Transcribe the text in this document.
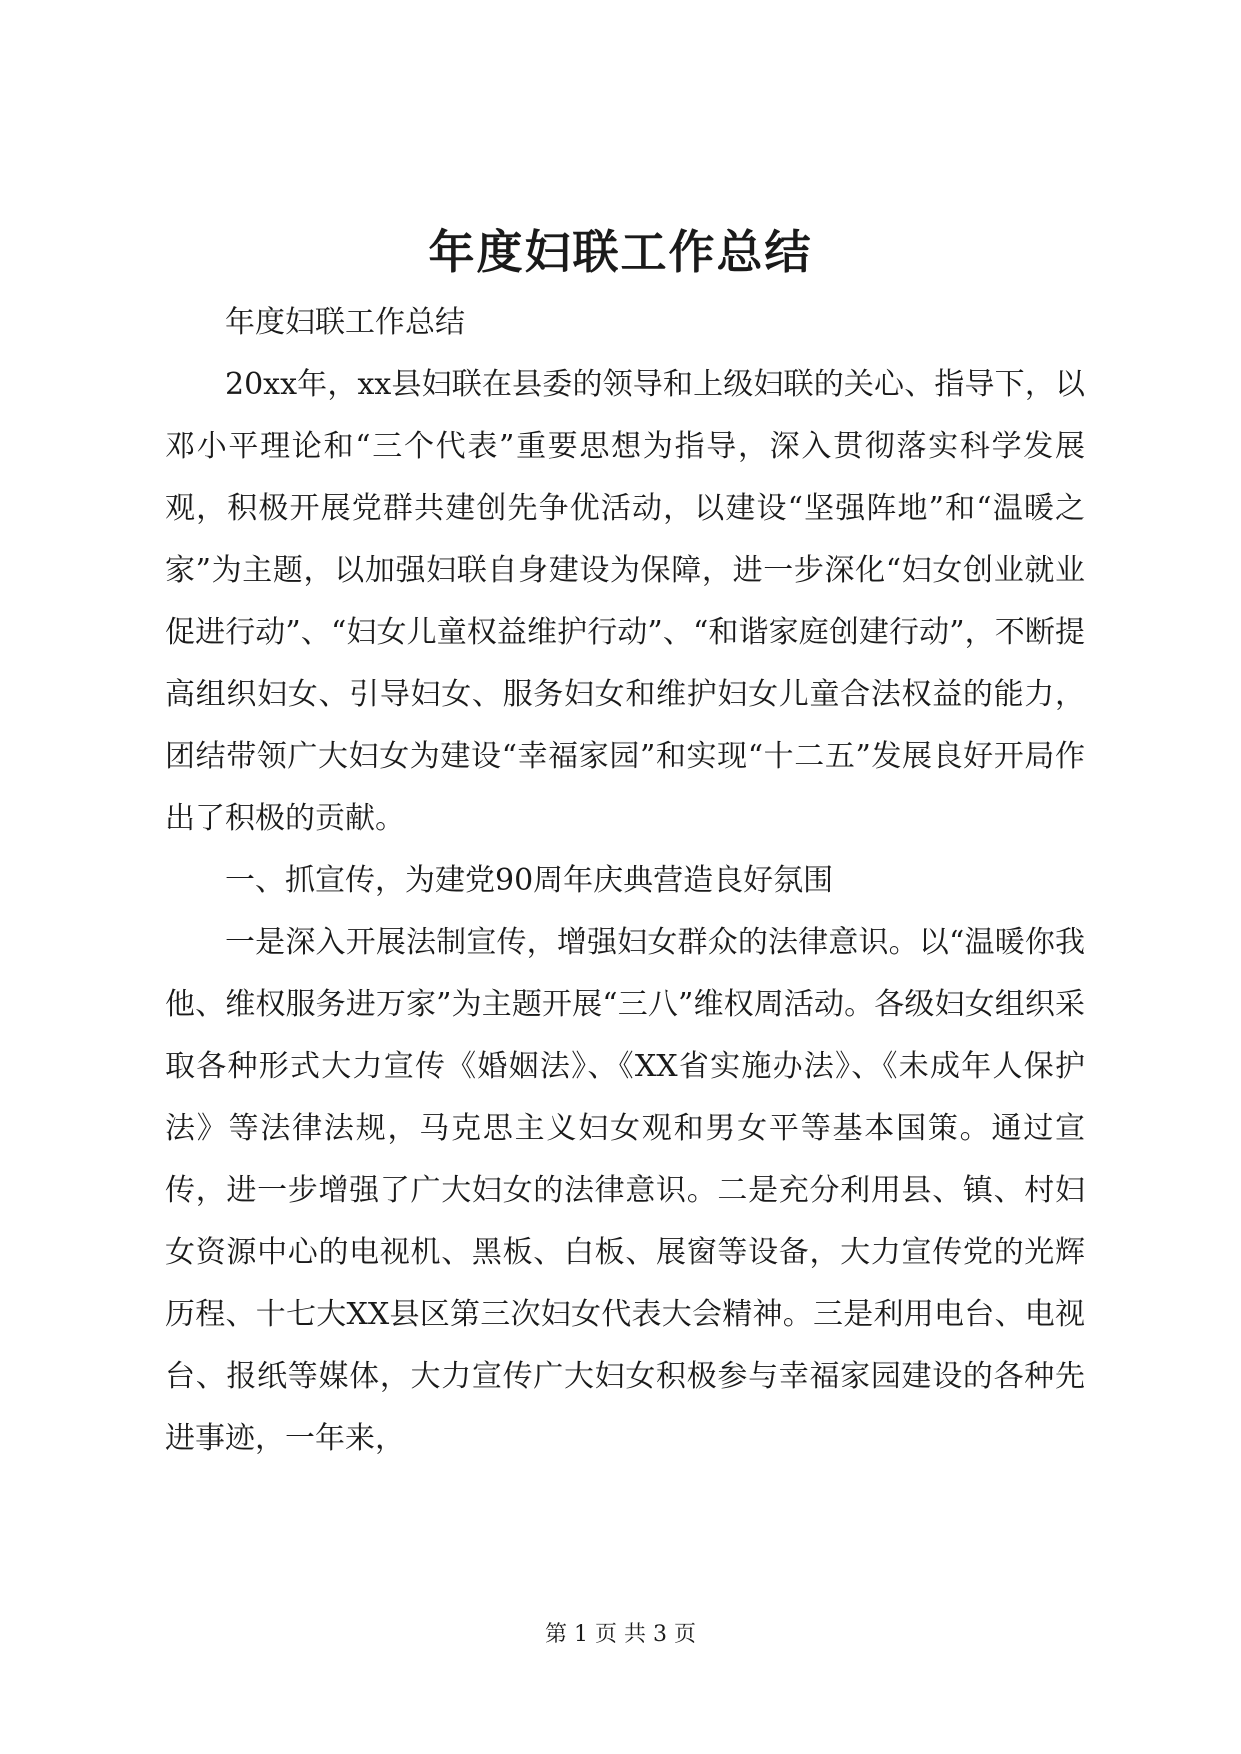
年度妇联工作总结

年度妇联工作总结

20xx年，xx县妇联在县委的领导和上级妇联的关心、指导下，以邓小平理论和“三个代表”重要思想为指导，深入贯彻落实科学发展观，积极开展党群共建创先争优活动，以建设“坚强阵地”和“温暖之家”为主题，以加强妇联自身建设为保障，进一步深化“妇女创业就业促进行动”、“妇女儿童权益维护行动”、“和谐家庭创建行动”，不断提高组织妇女、引导妇女、服务妇女和维护妇女儿童合法权益的能力，团结带领广大妇女为建设“幸福家园”和实现“十二五”发展良好开局作出了积极的贡献。

一、抓宣传，为建党90周年庆典营造良好氛围

一是深入开展法制宣传，增强妇女群众的法律意识。以“温暖你我他、维权服务进万家”为主题开展“三八”维权周活动。各级妇女组织采取各种形式大力宣传《婚姻法》、《XX省实施办法》、《未成年人保护法》等法律法规，马克思主义妇女观和男女平等基本国策。通过宣传，进一步增强了广大妇女的法律意识。二是充分利用县、镇、村妇女资源中心的电视机、黑板、白板、展窗等设备，大力宣传党的光辉历程、十七大XX县区第三次妇女代表大会精神。三是利用电台、电视台、报纸等媒体，大力宣传广大妇女积极参与幸福家园建设的各种先进事迹，一年来，

第 1 页 共 3 页
